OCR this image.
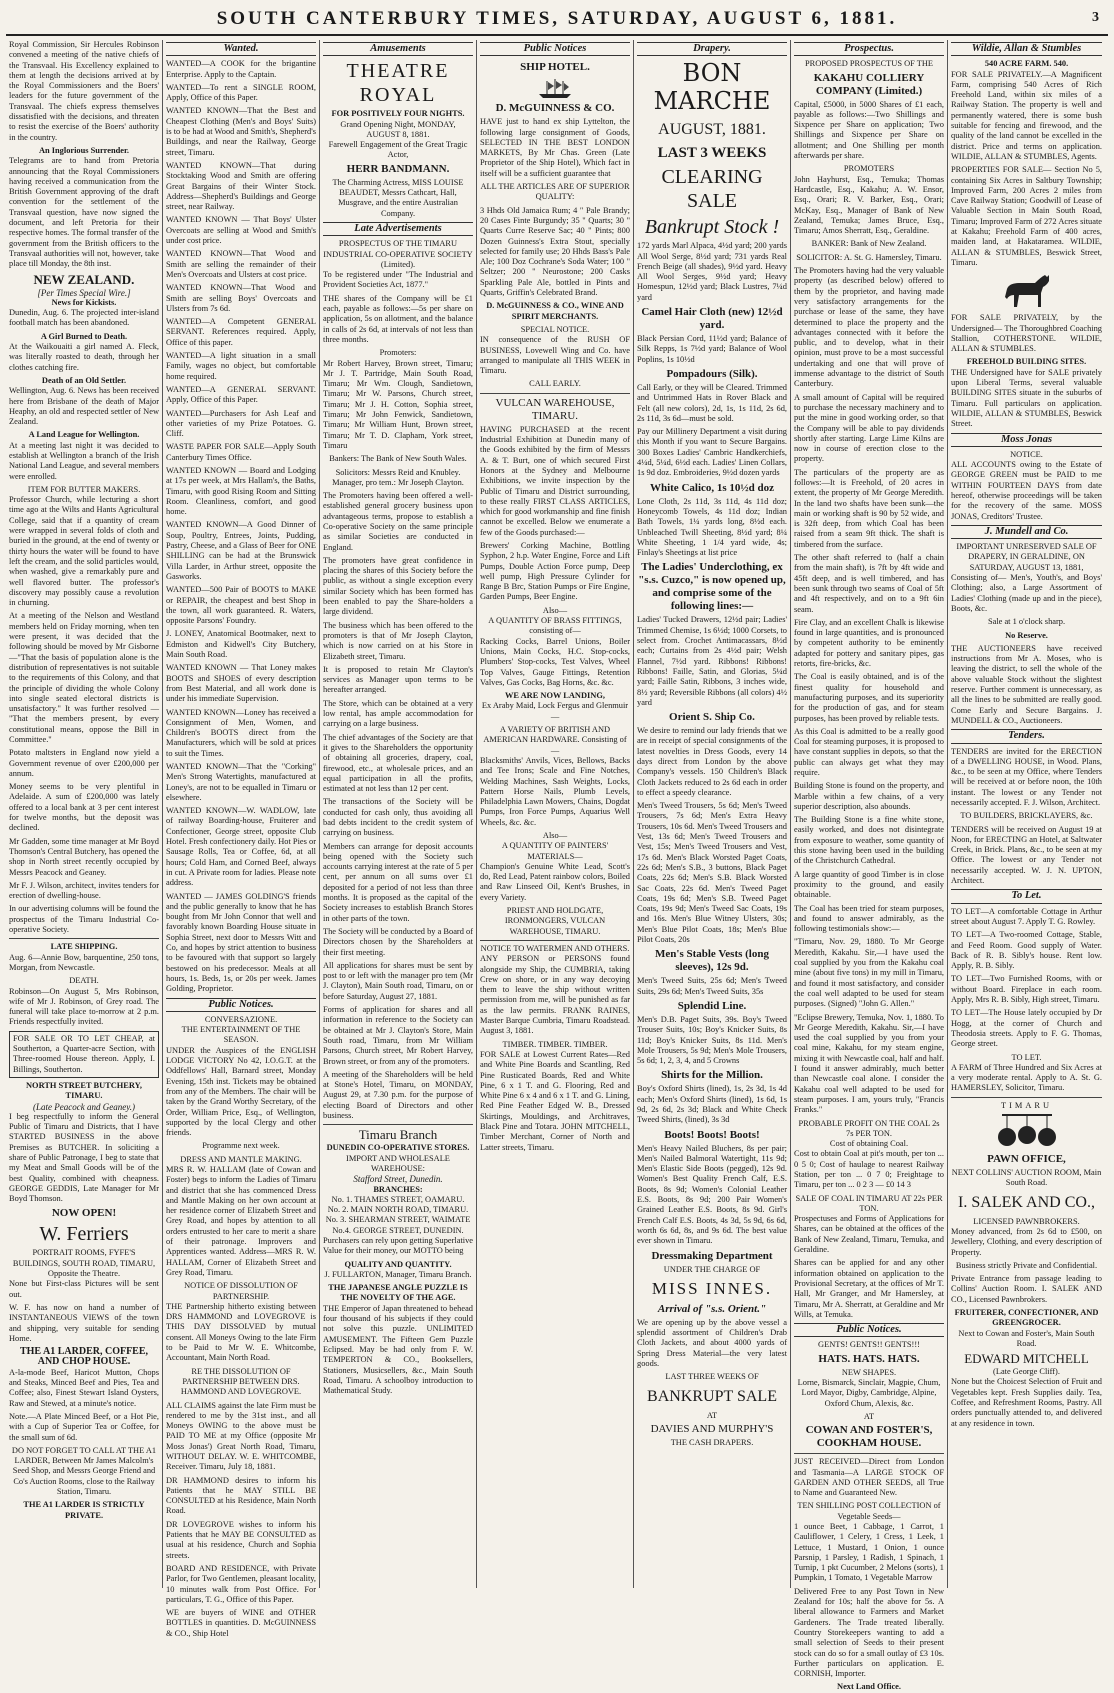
SOUTH CANTERBURY TIMES, SATURDAY, AUGUST 6, 1881.	3

Royal Commission, Sir Hercules Robinson convened a meeting of the native chiefs of the Transvaal. His Excellency explained to them at length the decisions arrived at by the Royal Commissioners and the Boers' leaders for the future government of the Transvaal. The chiefs express themselves dissatisfied with the decisions, and threaten to resist the exercise of the Boers' authority in the country.

An Inglorious Surrender.

Telegrams are to hand from Pretoria announcing that the Royal Commissioners having received a communication from the British Government approving of the draft convention for the settlement of the Transvaal question, have now signed the document, and left Pretoria for their respective homes. The formal transfer of the government from the British officers to the Transvaal authorities will not, however, take place till Monday, the 8th inst.

NEW ZEALAND.
[Per Times Special Wire.]
News for Kickists.

Dunedin, Aug. 6. The projected inter-island football match has been abandoned.

A Girl Burned to Death.

At the Waikouaiti a girl named A. Fleck, was literally roasted to death, through her clothes catching fire.

Death of an Old Settler.

Wellington, Aug. 6. News has been received here from Brisbane of the death of Major Heaphy, an old and respected settler of New Zealand.

A Land League for Wellington.

At a meeting last night it was decided to establish at Wellington a branch of the Irish National Land League, and several members were enrolled.

ITEM FOR BUTTER MAKERS.

Professor Church, while lecturing a short time ago at the Wilts and Hants Agricultural College, said that if a quantity of cream were wrapped in several folds of cloth and buried in the ground, at the end of twenty or thirty hours the water will be found to have left the cream, and the solid particles would, when washed, give a remarkably pure and well flavored butter. The professor's discovery may possibly cause a revolution in churning.

At a meeting of the Nelson and Westland members held on Friday morning, when ten were present, it was decided that the following should be moved by Mr Gisborne—"That the basis of population alone is the distribution of representatives is not suitable to the requirements of this Colony, and that the principle of dividing the whole Colony into single seated electoral districts is unsatisfactory." It was further resolved — "That the members present, by every constitutional means, oppose the Bill in Committee."

Potato maltsters in England now yield a Government revenue of over £200,000 per annum.

Money seems to be very plentiful in Adelaide. A sum of £200,000 was lately offered to a local bank at 3 per cent interest for twelve months, but the deposit was declined.

Mr Gadden, some time manager at Mr Boyd Thomson's Central Butchery, has opened the shop in North street recently occupied by Messrs Peacock and Geaney.

Mr F. J. Wilson, architect, invites tenders for erection of dwelling-house.

In our advertising columns will be found the prospectus of the Timaru Industrial Co-operative Society.

LATE SHIPPING.

Aug. 6—Annie Bow, barquentine, 250 tons, Morgan, from Newcastle.

DEATH.

Robinson—On August 5, Mrs Robinson, wife of Mr J. Robinson, of Grey road. The funeral will take place to-morrow at 2 p.m. Friends respectfully invited.

FOR SALE OR TO LET CHEAP, at Southerton, a Quarter-acre Section, with Three-roomed House thereon. Apply, I. Billings, Southerton.
NORTH STREET BUTCHERY, TIMARU.
(Late Peacock and Geaney.)

I beg respectfully to inform the General Public of Timaru and Districts, that I have STARTED BUSINESS in the above Premises as BUTCHER. In soliciting a share of Public Patronage, I beg to state that my Meat and Small Goods will be of the best Quality, combined with cheapness. GEORGE GEDDIS, Late Manager for Mr Boyd Thomson.

NOW OPEN!
W. Ferriers
PORTRAIT ROOMS, FYFE'S BUILDINGS, SOUTH ROAD, TIMARU, Opposite the Theatre.

None but First-class Pictures will be sent out.

W. F. has now on hand a number of INSTANTANEOUS VIEWS of the town and shipping, very suitable for sending Home.

THE A1 LARDER, COFFEE, AND CHOP HOUSE.

A-la-mode Beef, Haricot Mutton, Chops and Steaks, Minced Beef and Pies, Tea and Coffee; also, Finest Stewart Island Oysters, Raw and Stewed, at a minute's notice.

Note.—A Plate Minced Beef, or a Hot Pie, with a Cup of Superior Tea or Coffee, for the small sum of 6d.

DO NOT FORGET TO CALL AT THE A1 LARDER, Between Mr James Malcolm's Seed Shop, and Messrs George Friend and Co's Auction Rooms, close to the Railway Station, Timaru.

THE A1 LARDER IS STRICTLY PRIVATE.

Wanted.

WANTED—A COOK for the brigantine Enterprise. Apply to the Captain.

WANTED—To rent a SINGLE ROOM, Apply, Office of this Paper.

WANTED KNOWN—That the Best and Cheapest Clothing (Men's and Boys' Suits) is to be had at Wood and Smith's, Shepherd's Buildings, and near the Railway, George street, Timaru.

WANTED KNOWN—That during Stocktaking Wood and Smith are offering Great Bargains of their Winter Stock. Address—Shepherd's Buildings and George street, near Railway.

WANTED KNOWN — That Boys' Ulster Overcoats are selling at Wood and Smith's under cost price.

WANTED KNOWN—That Wood and Smith are selling the remainder of their Men's Overcoats and Ulsters at cost price.

WANTED KNOWN—That Wood and Smith are selling Boys' Overcoats and Ulsters from 7s 6d.

WANTED—A Competent GENERAL SERVANT. References required. Apply, Office of this paper.

WANTED—A light situation in a small Family, wages no object, but comfortable home required.

WANTED—A GENERAL SERVANT. Apply, Office of this Paper.

WANTED—Purchasers for Ash Leaf and other varieties of my Prize Potatoes. G. Cliff.

WASTE PAPER FOR SALE—Apply South Canterbury Times Office.

WANTED KNOWN — Board and Lodging at 17s per week, at Mrs Hallam's, the Baths, Timaru, with good Rising Room and Sitting Room. Cleanliness, comfort, and good home.

WANTED KNOWN—A Good Dinner of Soup, Poultry, Entrees, Joints, Pudding, Pastry, Cheese, and a Glass of Beer for ONE SHILLING can be had at the Brunswick Villa Larder, in Arthur street, opposite the Gasworks.

WANTED—500 Pair of BOOTS to MAKE or REPAIR, the cheapest and best Shop in the town, all work guaranteed. R. Waters, opposite Parsons' Foundry.

J. LONEY, Anatomical Bootmaker, next to Edmiston and Kidwell's City Butchery, Main South Road.

WANTED KNOWN — That Loney makes BOOTS and SHOES of every description from Best Material, and all work done is under his immediate Supervision.

WANTED KNOWN—Loney has received a Consignment of Men, Women, and Children's BOOTS direct from the Manufacturers, which will be sold at prices to suit the Times.

WANTED KNOWN—That the "Corking" Men's Strong Watertights, manufactured at Loney's, are not to be equalled in Timaru or elsewhere.

WANTED KNOWN—W. WADLOW, late of railway Boarding-house, Fruiterer and Confectioner, George street, opposite Club Hotel. Fresh confectionery daily. Hot Pies or Sausage Rolls, Tea or Coffee, 6d, at all hours; Cold Ham, and Corned Beef, always in cut. A Private room for ladies. Please note address.

WANTED — JAMES GOLDING'S friends and the public generally to know that he has bought from Mr John Connor that well and favorably known Boarding House situate in Sophia Street, next door to Messrs Witt and Co, and hopes by strict attention to business to be favoured with that support so largely bestowed on his predecessor. Meals at all hours, 1s. Beds, 1s, or 20s per week. James Golding, Proprietor.

Public Notices.
CONVERSAZIONE.
THE ENTERTAINMENT OF THE SEASON.

UNDER the Auspices of the ENGLISH LODGE VICTORY No 42, I.O.G.T. at the Oddfellows' Hall, Barnard street, Monday Evening, 15th inst. Tickets may be obtained from any of the Members. The chair will be taken by the Grand Worthy Secretary, of the Order, William Price, Esq., of Wellington, supported by the local Clergy and other friends.

Programme next week.

DRESS AND MANTLE MAKING.

MRS R. W. HALLAM (late of Cowan and Foster) begs to inform the Ladies of Timaru and district that she has commenced Dress and Mantle Making on her own account at her residence corner of Elizabeth Street and Grey Road, and hopes by attention to all orders entrusted to her care to merit a share of their patronage. Improvers and Apprentices wanted. Address—MRS R. W. HALLAM, Corner of Elizabeth Street and Grey Road, Timaru.

NOTICE OF DISSOLUTION OF PARTNERSHIP.

THE Partnership hitherto existing between DRS HAMMOND and LOVEGROVE is THIS DAY DISSOLVED by mutual consent. All Moneys Owing to the late Firm to be Paid to Mr W. E. Whitcombe, Accountant, Main North Road.

RE THE DISSOLUTION OF PARTNERSHIP BETWEEN DRS. HAMMOND AND LOVEGROVE.

ALL CLAIMS against the late Firm must be rendered to me by the 31st inst., and all Moneys OWING to the above must be PAID TO ME at my Office (opposite Mr Moss Jonas') Great North Road, Timaru, WITHOUT DELAY. W. E. WHITCOMBE, Receiver. Timaru, July 18, 1881.

DR HAMMOND desires to inform his Patients that he MAY STILL BE CONSULTED at his Residence, Main North Road.

DR LOVEGROVE wishes to inform his Patients that he MAY BE CONSULTED as usual at his residence, Church and Sophia streets.

BOARD AND RESIDENCE, with Private Parlor, for Two Gentlemen, pleasant locality, 10 minutes walk from Post Office. For particulars, T. G., Office of this Paper.

WE are buyers of WINE and OTHER BOTTLES in quantities. D. McGUINNESS & CO., Ship Hotel

Amusements
THEATRE ROYAL
FOR POSITIVELY FOUR NIGHTS.
Grand Opening Night, MONDAY, AUGUST 8, 1881.
Farewell Engagement of the Great Tragic Actor,
HERR BANDMANN.

The Charming Actress, MISS LOUISE BEAUDET, Messrs Cathcart, Hall, Musgrave, and the entire Australian Company.

Late Advertisements
PROSPECTUS OF THE TIMARU INDUSTRIAL CO-OPERATIVE SOCIETY (Limited).

To be registered under "The Industrial and Provident Societies Act, 1877."

THE shares of the Company will be £1 each, payable as follows:—5s per share on application, 5s on allotment, and the balance in calls of 2s 6d, at intervals of not less than three months.

Promoters:

Mr Robert Harvey, Brown street, Timaru; Mr J. T. Partridge, Main South Road, Timaru; Mr Wm. Clough, Sandietown, Timaru; Mr W. Parsons, Church street, Timaru; Mr J. H. Cotton, Sophia street, Timaru; Mr John Fenwick, Sandietown, Timaru; Mr William Hunt, Brown street, Timaru; Mr T. D. Clapham, York street, Timaru

Bankers: The Bank of New South Wales.

Solicitors: Messrs Reid and Knubley. Manager, pro tem.: Mr Joseph Clayton.

The Promoters having been offered a well-established general grocery business upon advantageous terms, propose to establish a Co-operative Society on the same principle as similar Societies are conducted in England.

The promoters have great confidence in placing the shares of this Society before the public, as without a single exception every similar Society which has been formed has been enabled to pay the Share-holders a large dividend.

The business which has been offered to the promoters is that of Mr Joseph Clayton, which is now carried on at his Store in Elizabeth street, Timaru.

It is proposed to retain Mr Clayton's services as Manager upon terms to be hereafter arranged.

The Store, which can be obtained at a very low rental, has ample accommodation for carrying on a large business.

The chief advantages of the Society are that it gives to the Shareholders the opportunity of obtaining all groceries, drapery, coal, firewood, etc., at wholesale prices, and an equal participation in all the profits, estimated at not less than 12 per cent.

The transactions of the Society will be conducted for cash only, thus avoiding all bad debts incident to the credit system of carrying on business.

Members can arrange for deposit accounts being opened with the Society such accounts carrying interest at the rate of 5 per cent, per annum on all sums over £1 deposited for a period of not less than three months. It is proposed as the capital of the Society increases to establish Branch Stores in other parts of the town.

The Society will be conducted by a Board of Directors chosen by the Shareholders at their first meeting.

All applications for shares must be sent by post to or left with the manager pro tem (Mr J. Clayton), Main South road, Timaru, on or before Saturday, August 27, 1881.

Forms of application for shares and all information in reference to the Society can be obtained at Mr J. Clayton's Store, Main South road, Timaru, from Mr William Parsons, Church street, Mr Robert Harvey, Brown street, or from any of the promoters.

A meeting of the Shareholders will be held at Stone's Hotel, Timaru, on MONDAY, August 29, at 7.30 p.m. for the purpose of electing Board of Directors and other business.

Timaru Branch
DUNEDIN CO-OPERATIVE STORES.
IMPORT AND WHOLESALE WAREHOUSE:
Stafford Street, Dunedin.
BRANCHES:
No. 1. THAMES STREET, OAMARU.
No. 2. MAIN NORTH ROAD, TIMARU.
No. 3. SHEARMAN STREET, WAIMATE
No.4. GEORGE STREET, DUNEDIN.

Purchasers can rely upon getting Superlative Value for their money, our MOTTO being

QUALITY AND QUANTITY.

J. FULLARTON, Manager, Timaru Branch.

THE JAPANESE ANGLE PUZZLE IS THE NOVELTY OF THE AGE.

THE Emperor of Japan threatened to behead four thousand of his subjects if they could not solve this puzzle. UNLIMITED AMUSEMENT. The Fifteen Gem Puzzle Eclipsed. May be had only from F. W. TEMPERTON & CO., Booksellers, Stationers, Musicsellers, &c., Main South Road, Timaru. A schoolboy introduction to Mathematical Study.

Public Notices
SHIP HOTEL.
D. McGUINNESS & CO.

HAVE just to hand ex ship Lyttelton, the following large consignment of Goods, SELECTED IN THE BEST LONDON MARKETS, By Mr Chas. Green (Late Proprietor of the Ship Hotel), Which fact in itself will be a sufficient guarantee that

ALL THE ARTICLES ARE OF SUPERIOR QUALITY:

3 Hhds Old Jamaica Rum; 4 " Pale Brandy; 20 Cases Finte Burgundy; 35 " Quarts; 30 " Quarts Curre Reserve Sac; 40 " Pints; 800 Dozen Guinness's Extra Stout, specially selected for family use; 20 Hhds Bass's Pale Ale; 100 Doz Cochrane's Soda Water; 100 " Seltzer; 200 " Neurostone; 200 Casks Sparkling Pale Ale, bottled in Pints and Quarts, Griffin's Celebrated Brand.

D. McGUINNESS & CO., WINE AND SPIRIT MERCHANTS.

SPECIAL NOTICE.

IN consequence of the RUSH OF BUSINESS, Lovewell Wing and Co. have arranged to manipulate all THIS WEEK in Timaru.

CALL EARLY.
VULCAN WAREHOUSE, TIMARU.

HAVING PURCHASED at the recent Industrial Exhibition at Dunedin many of the Goods exhibited by the firm of Messrs A. & T. Burt, one of which secured First Honors at the Sydney and Melbourne Exhibitions, we invite inspection by the Public of Timaru and District surrounding, to these really FIRST CLASS ARTICLES, which for good workmanship and fine finish cannot be excelled. Below we enumerate a few of the Goods purchased:—

Brewers' Corking Machine, Bottling Syphon, 2 h.p. Water Engine, Force and Lift Pumps, Double Action Force pump, Deep well pump, High Pressure Cylinder for Range B Brc, Station Pumps or Fire Engine, Garden Pumps, Beer Engine.

Also—
A QUANTITY OF BRASS FITTINGS, consisting of—

Racking Cocks, Barrel Unions, Boiler Unions, Main Cocks, H.C. Stop-cocks, Plumbers' Stop-cocks, Test Valves, Wheel Top Valves, Gauge Fittings, Retention Valves, Gas Cocks, Bag Horns, &c. &c.

WE ARE NOW LANDING,

Ex Araby Maid, Lock Fergus and Glenmuir—

A VARIETY OF BRITISH AND AMERICAN HARDWARE. Consisting of—

Blacksmiths' Anvils, Vices, Bellows, Backs and Tee Irons; Scale and Fine Notches, Welding Machines, Sash Weights, Locks, Pattern Horse Nails, Plumb Levels, Philadelphia Lawn Mowers, Chains, Dogdat Pumps, Iron Force Pumps, Aquarius Well Wheels, &c. &c.

Also—
A QUANTITY OF PAINTERS' MATERIALS—

Champion's Genuine White Lead, Scott's do, Red Lead, Patent rainbow colors, Boiled and Raw Linseed Oil, Kent's Brushes, in every Variety.

PRIEST AND HOLDGATE, IRONMONGERS, VULCAN WAREHOUSE, TIMARU.

NOTICE TO WATERMEN AND OTHERS.

ANY PERSON or PERSONS found alongside my Ship, the CUMBRIA, taking Crew on shore, or in any way decoying them to leave the ship without written permission from me, will be punished as far as the law permits. FRANK RAINES, Master Barque Cumbria, Timaru Roadstead. August 3, 1881.

TIMBER. TIMBER. TIMBER.

FOR SALE at Lowest Current Rates—Red and White Pine Boards and Scantling, Red Pine Rusticated Boards, Red and White Pine, 6 x 1 T. and G. Flooring, Red and White Pine 6 x 4 and 6 x 1 T. and G. Lining, Red Pine Feather Edged W. B., Dressed Skirtings, Mouldings, and Architraves, Black Pine and Totara. JOHN MITCHELL, Timber Merchant, Corner of North and Latter streets, Timaru.

Drapery.
BON MARCHE
AUGUST, 1881.
LAST 3 WEEKS
CLEARING SALE
Bankrupt Stock !

172 yards Marl Alpaca, 4½d yard; 200 yards All Wool Serge, 8½d yard; 731 yards Real French Beige (all shades), 9½d yard. Heavy All Wool Serges, 9½d yard; Heavy Homespun, 12½d yard; Black Lustres, 7¼d yard

Camel Hair Cloth (new) 12½d yard.

Black Persian Cord, 11½d yard; Balance of Silk Repps, 1s 7½d yard; Balance of Wool Poplins, 1s 10½d

Pompadours (Silk).

Call Early, or they will be Cleared. Trimmed and Untrimmed Hats in Rover Black and Felt (all new colors), 2d, 1s, 1s 11d, 2s 6d, 2s 11d, 3s 6d—must be sold.

Pay our Millinery Department a visit during this Month if you want to Secure Bargains. 300 Boxes Ladies' Cambric Handkerchiefs, 4¼d, 5¼d, 6½d each. Ladies' Linen Collars, 1s 9d doz. Embroideries, 9½d dozen yards

White Calico, 1s 10½d doz

Lone Cloth, 2s 11d, 3s 11d, 4s 11d doz; Honeycomb Towels, 4s 11d doz; Indian Bath Towels, 1¼ yards long, 8½d each. Unbleached Twill Sheeting, 8½d yard; 8¼ White Sheeting, 1 1/4 yard wide, 4s; Finlay's Sheetings at list price

The Ladies' Underclothing, ex "s.s. Cuzco," is now opened up, and comprise some of the following lines:—

Ladies' Tucked Drawers, 12½d pair; Ladies' Trimmed Chemise, 1s 6½d; 1000 Corsets, to select from. Crochet Antimacassars, 8½d each; Curtains from 2s 4½d pair; Welsh Flannel, 7½d yard. Ribbons! Ribbons! Ribbons! Faille, Satin, and Glorias, 5¼d yard; Faille Satin, Ribbons, 3 inches wide, 8½ yard; Reversible Ribbons (all colors) 4½ yard

Orient S. Ship Co.

We desire to remind our lady friends that we are in receipt of special consignments of the latest novelties in Dress Goods, every 14 days direct from London by the above Company's vessels. 150 Children's Black Cloth Jackets reduced to 2s 6d each in order to effect a speedy clearance.

Men's Tweed Trousers, 5s 6d; Men's Tweed Trousers, 7s 6d; Men's Extra Heavy Trousers, 10s 6d. Men's Tweed Trousers and Vest, 13s 6d; Men's Tweed Trousers and Vest, 15s; Men's Tweed Trousers and Vest, 17s 6d. Men's Black Worsted Paget Coats, 22s 6d; Men's S.B., 3 buttons, Black Paget Coats, 22s 6d; Men's S.B. Black Worsted Sac Coats, 22s 6d. Men's Tweed Paget Coats, 19s 6d; Men's S.B. Tweed Paget Coats, 19s 9d; Men's Tweed Sac Coats, 19s and 16s. Men's Blue Witney Ulsters, 30s; Men's Blue Pilot Coats, 18s; Men's Blue Pilot Coats, 20s

Men's Stable Vests (long sleeves), 12s 9d.

Men's Tweed Suits, 25s 6d; Men's Tweed Suits, 29s 6d; Men's Tweed Suits, 35s

Splendid Line.

Men's D.B. Paget Suits, 39s. Boy's Tweed Trouser Suits, 10s; Boy's Knicker Suits, 8s 11d; Boy's Knicker Suits, 8s 11d. Men's Mole Trousers, 5s 9d; Men's Mole Trousers, 5s 6d; 1, 2, 3, 4, and 5 Crowns

Shirts for the Million.

Boy's Oxford Shirts (lined), 1s, 2s 3d, 1s 4d each; Men's Oxford Shirts (lined), 1s 6d, 1s 9d, 2s 6d, 2s 3d; Black and White Check Tweed Shirts, (lined), 3s 3d

Boots! Boots! Boots!

Men's Heavy Nailed Bluchers, 8s per pair; Men's Nailed Balmoral Watertight, 11s 9d; Men's Elastic Side Boots (pegged), 12s 9d. Women's Best Quality French Calf, E.S. Boots, 8s 9d; Women's Colonial Leather E.S. Boots, 8s 9d; 200 Pair Women's Grained Leather E.S. Boots, 8s 9d. Girl's French Calf E.S. Boots, 4s 3d, 5s 9d, 6s 6d, worth 6s 6d, 8s, and 9s 6d. The best value ever shown in Timaru.

Dressmaking Department
UNDER THE CHARGE OF
MISS INNES.
Arrival of "s.s. Orient."

We are opening up by the above vessel a splendid assortment of Children's Drab Cloth Jackets, and about 4000 yards of Spring Dress Material—the very latest goods.

LAST THREE WEEKS OF
BANKRUPT SALE
AT
DAVIES AND MURPHY'S
THE CASH DRAPERS.
Prospectus.
PROPOSED PROSPECTUS OF THE
KAKAHU COLLIERY COMPANY (Limited.)

Capital, £5000, in 5000 Shares of £1 each, payable as follows:—Two Shillings and Sixpence per Share on application; Two Shillings and Sixpence per Share on allotment; and One Shilling per month afterwards per share.

PROMOTERS

John Hayhurst, Esq., Temuka; Thomas Hardcastle, Esq., Kakahu; A. W. Ensor, Esq., Orari; R. V. Barker, Esq., Orari; McKay, Esq., Manager of Bank of New Zealand, Temuka; James Bruce, Esq., Timaru; Amos Sherratt, Esq., Geraldine.

BANKER: Bank of New Zealand.

SOLICITOR: A. St. G. Hamersley, Timaru.

The Promoters having had the very valuable property (as described below) offered to them by the proprietor, and having made very satisfactory arrangements for the purchase or lease of the same, they have determined to place the property and the advantages connected with it before the public, and to develop, what in their opinion, must prove to be a most successful undertaking and one that will prove of immense advantage to the district of South Canterbury.

A small amount of Capital will be required to purchase the necessary machinery and to put the mine in good working order, so that the Company will be able to pay dividends shortly after starting. Large Lime Kilns are now in course of erection close to the property.

The particulars of the property are as follows:—It is Freehold, of 20 acres in extent, the property of Mr George Meredith. In the land two shafts have been sunk—the main or working shaft is 90 by 52 wide, and is 32ft deep, from which Coal has been raised from a seam 9ft thick. The shaft is timbered from the surface.

The other shaft referred to (half a chain from the main shaft), is 7ft by 4ft wide and 45ft deep, and is well timbered, and has been sunk through two seams of Coal of 5ft and 4ft respectively, and on to a 9ft 6in seam.

Fire Clay, and an excellent Chalk is likewise found in large quantities, and is pronounced by competent authority to be eminently adapted for pottery and sanitary pipes, gas retorts, fire-bricks, &c.

The Coal is easily obtained, and is of the finest quality for household and manufacturing purposes, and its superiority for the production of gas, and for steam purposes, has been proved by reliable tests.

As this Coal is admitted to be a really good Coal for steaming purposes, it is proposed to have constant supplies in depots, so that the public can always get what they may require.

Building Stone is found on the property, and Marble within a few chains, of a very superior description, also abounds.

The Building Stone is a fine white stone, easily worked, and does not disintegrate from exposure to weather, some quantity of this stone having been used in the building of the Christchurch Cathedral.

A large quantity of good Timber is in close proximity to the ground, and easily obtainable.

The Coal has been tried for steam purposes, and found to answer admirably, as the following testimonials show:—

"Timaru, Nov. 29, 1880. To Mr George Meredith, Kakahu. Sir,—I have used the coal supplied by you from the Kakahu coal mine (about five tons) in my mill in Timaru, and found it most satisfactory, and consider the coal well adapted to be used for steam purposes. (Signed) "John G. Allen."

"Eclipse Brewery, Temuka, Nov. 1, 1880. To Mr George Meredith, Kakahu. Sir,—I have used the coal supplied by you from your coal mine, Kakahu, for my steam engine, mixing it with Newcastle coal, half and half. I found it answer admirably, much better than Newcastle coal alone. I consider the Kakahu coal well adapted to be used for steam purposes. I am, yours truly, "Francis Franks."

PROBABLE PROFIT ON THE COAL 2s 7s PER TON.
Cost of obtaining Coal.

Cost to obtain Coal at pit's mouth, per ton ... 0 5 0; Cost of haulage to nearest Railway Station, per ton ... 0 7 0; Freightage to Timaru, per ton ... 0 2 3 — £0 14 3

SALE OF COAL IN TIMARU AT 22s PER TON.

Prospectuses and Forms of Applications for Shares, can be obtained at the offices of the Bank of New Zealand, Timaru, Temuka, and Geraldine.

Shares can be applied for and any other information obtained on application to the Provisional Secretary, at the offices of Mr T. Hall, Mr Granger, and Mr Hamersley, at Timaru, Mr A. Sherratt, at Geraldine and Mr Wills, at Temuka.

Public Notices.
GENTS! GENTS!! GENTS!!!
HATS. HATS. HATS.
NEW SHAPES.

Lorne, Bismarck, Sinclair, Magpie, Chum, Lord Mayor, Digby, Cambridge, Alpine, Oxford Chum, Alexis, &c.

AT
COWAN AND FOSTER'S, COOKHAM HOUSE.

JUST RECEIVED—Direct from London and Tasmania—A LARGE STOCK OF GARDEN AND OTHER SEEDS, all True to Name and Guaranteed New.

TEN SHILLING POST COLLECTION of Vegetable Seeds—

1 ounce Beet, 1 Cabbage, 1 Carrot, 1 Cauliflower, 1 Celery, 1 Cress, 1 Leek, 1 Lettuce, 1 Mustard, 1 Onion, 1 ounce Parsnip, 1 Parsley, 1 Radish, 1 Spinach, 1 Turnip, 1 pkt Cucumber, 2 Melons (sorts), 1 Pumpkin, 1 Tomato, 1 Vegetable Marrow

Delivered Free to any Post Town in New Zealand for 10s; half the above for 5s. A liberal allowance to Farmers and Market Gardeners. The Trade treated liberally. Country Storekeepers wanting to add a small selection of Seeds to their present stock can do so for a small outlay of £3 10s. Further particulars on application. E. CORNISH, Importer.

Next Land Office.

Wildie, Allan & Stumbles
540 ACRE FARM. 540.

FOR SALE PRIVATELY.—A Magnificent Farm, comprising 540 Acres of Rich Freehold Land, within six miles of a Railway Station. The property is well and permanently watered, there is some bush suitable for fencing and firewood, and the quality of the land cannot be excelled in the district. Price and terms on application. WILDIE, ALLAN & STUMBLES, Agents.

PROPERTIES FOR SALE— Section No 5, containing Six Acres in Saltbury Township; Improved Farm, 200 Acres 2 miles from Cave Railway Station; Goodwill of Lease of Valuable Section in Main South Road, Timaru; Improved Farm of 272 Acres situate at Kakahu; Freehold Farm of 400 acres, maiden land, at Hakataramea. WILDIE, ALLAN & STUMBLES, Beswick Street, Timaru.

FOR SALE PRIVATELY, by the Undersigned— The Thoroughbred Coaching Stallion, COTHERSTONE. WILDIE, ALLAN & STUMBLES.

FREEHOLD BUILDING SITES.

THE Undersigned have for SALE privately upon Liberal Terms, several valuable BUILDING SITES situate in the suburbs of Timaru. Full particulars on application. WILDIE, ALLAN & STUMBLES, Beswick Street.

Moss Jonas
NOTICE.

ALL ACCOUNTS owing to the Estate of GEORGE GREEN must be PAID to me WITHIN FOURTEEN DAYS from date hereof, otherwise proceedings will be taken for the recovery of the same. MOSS JONAS, Creditors' Trustee.

J. Mundell and Co.
IMPORTANT UNRESERVED SALE OF DRAPERY, IN GERALDINE, ON SATURDAY, AUGUST 13, 1881,

Consisting of— Men's, Youth's, and Boys' Clothing; also, a Large Assortment of Ladies' Clothing (made up and in the piece), Boots, &c.

Sale at 1 o'clock sharp.

No Reserve.

THE AUCTIONEERS have received instructions from Mr A. Moses, who is leaving the district, to sell the whole of the above valuable Stock without the slightest reserve. Further comment is unnecessary, as all the lines to be submitted are really good. Come Early and Secure Bargains. J. MUNDELL & CO., Auctioneers.

Tenders.

TENDERS are invited for the ERECTION of a DWELLING HOUSE, in Wood. Plans, &c., to be seen at my Office, where Tenders will be received at or before noon, the 10th instant. The lowest or any Tender not necessarily accepted. F. J. Wilson, Architect.

TO BUILDERS, BRICKLAYERS, &c.

TENDERS will be received on August 19 at Noon, for ERECTING an Hotel, at Saltwater Creek, in Brick. Plans, &c., to be seen at my Office. The lowest or any Tender not necessarily accepted. W. J. N. UPTON, Architect.

To Let.

TO LET—A comfortable Cottage in Arthur street about August 7. Apply T. G. Rowley.

TO LET—A Two-roomed Cottage, Stable, and Feed Room. Good supply of Water. Back of R. B. Sibly's house. Rent low. Apply, R. B. Sibly.

TO LET—Two Furnished Rooms, with or without Board. Fireplace in each room. Apply, Mrs R. B. Sibly, High street, Timaru.

TO LET—The House lately occupied by Dr Hogg, at the corner of Church and Theodosia streets. Apply to F. G. Thomas, George street.

TO LET.

A FARM of Three Hundred and Six Acres at a very moderate rental. Apply to A. St. G. HAMERSLEY, Solicitor, Timaru.

TIMARU
PAWN OFFICE,
NEXT COLLINS' AUCTION ROOM, Main South Road.
I. SALEK AND CO.,
LICENSED PAWNBROKERS.

Money advanced, from 2s 6d to £500, on Jewellery, Clothing, and every description of Property.

Business strictly Private and Confidential.

Private Entrance from passage leading to Collins' Auction Room. I. SALEK AND CO., Licensed Pawnbrokers.

FRUITERER, CONFECTIONER, AND GREENGROCER.

Next to Cowan and Foster's, Main South Road.

EDWARD MITCHELL
(Late George Cliff).

None but the Choicest Selection of Fruit and Vegetables kept. Fresh Supplies daily. Tea, Coffee, and Refreshment Rooms, Pastry. All orders punctually attended to, and delivered at any residence in town.
